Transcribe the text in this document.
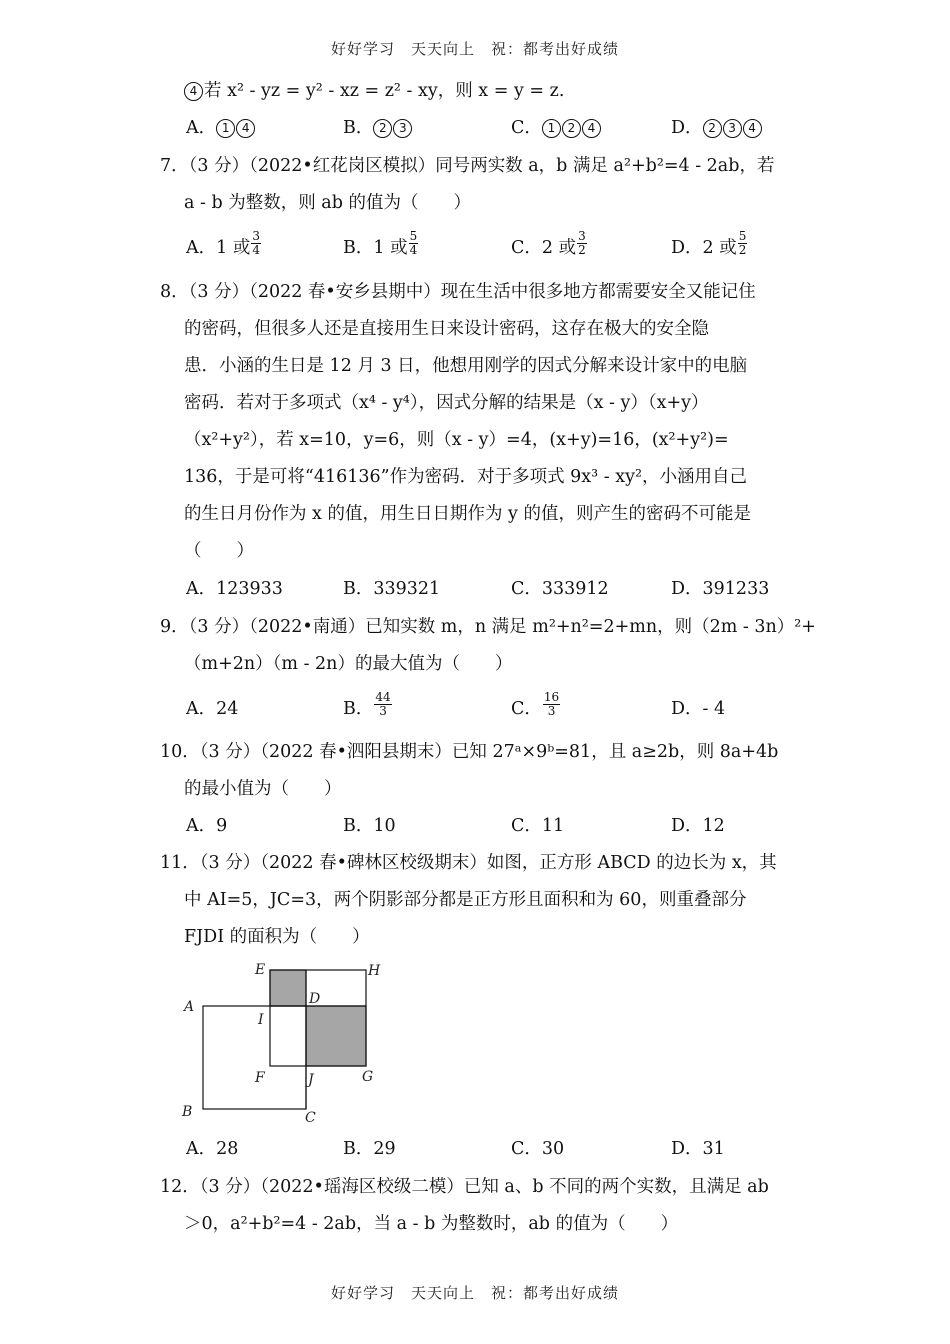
好好学习　天天向上　祝：都考出好成绩
4 若 x² - yz = y² - xz = z² - xy，则 x = y = z.
A． 1 4	B． 2 3	C． 1 2 4	D． 2 3 4
7．（3 分）（2022•红花岗区模拟）同号两实数 a，b 满足 a²+b²=4 - 2ab，若
a - b 为整数，则 ab 的值为（　　）
A．1 或 $\frac{3}{4}$	B．1 或 $\frac{5}{4}$	C．2 或 $\frac{3}{2}$	D．2 或 $\frac{5}{2}$
8．（3 分）（2022 春•安乡县期中）现在生活中很多地方都需要安全又能记住
的密码，但很多人还是直接用生日来设计密码，这存在极大的安全隐
患．小涵的生日是 12 月 3 日，他想用刚学的因式分解来设计家中的电脑
密码．若对于多项式（x⁴ - y⁴），因式分解的结果是（x - y）（x+y）
（x²+y²），若 x=10，y=6，则（x - y）=4，(x+y)=16，(x²+y²)=
136，于是可将“416136”作为密码．对于多项式 9x³ - xy²，小涵用自己
的生日月份作为 x 的值，用生日日期作为 y 的值，则产生的密码不可能是
（　　）
A．123933	B．339321	C．333912	D．391233
9．（3 分）（2022•南通）已知实数 m，n 满足 m²+n²=2+mn，则（2m - 3n）²+
（m+2n）（m - 2n）的最大值为（　　）
A．24	B． $\frac{44}{3}$	C． $\frac{16}{3}$	D．- 4
10．（3 分）（2022 春•泗阳县期末）已知 27ᵃ×9ᵇ=81，且 a≥2b，则 8a+4b
的最小值为（　　）
A．9	B．10	C．11	D．12
11．（3 分）（2022 春•碑林区校级期末）如图，正方形 ABCD 的边长为 x，其
中 AI=5，JC=3，两个阴影部分都是正方形且面积和为 60，则重叠部分
FJDI 的面积为（　　）
E	H
D
A
I
F	J	G
B	C
A．28	B．29	C．30	D．31
12．（3 分）（2022•瑶海区校级二模）已知 a、b 不同的两个实数，且满足 ab
＞0，a²+b²=4 - 2ab，当 a - b 为整数时，ab 的值为（　　）
好好学习　天天向上　祝：都考出好成绩
